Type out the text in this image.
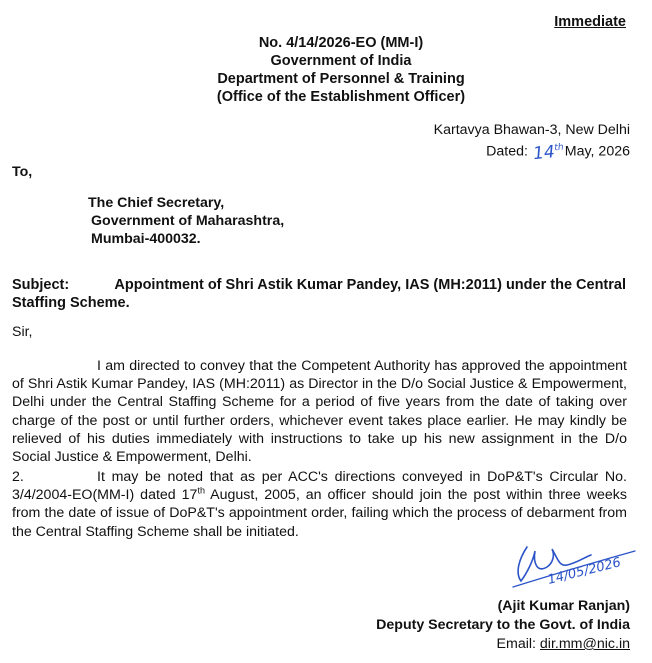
Immediate
No. 4/14/2026-EO (MM-I)
Government of India
Department of Personnel & Training
(Office of the Establishment Officer)
Kartavya Bhawan-3, New Delhi
Dated: 14thMay, 2026
To,
The Chief Secretary,
Government of Maharashtra,
Mumbai-400032.
Subject:	Appointment of Shri Astik Kumar Pandey, IAS (MH:2011) under the Central
Staffing Scheme.
Sir,
I am directed to convey that the Competent Authority has approved the appointment of Shri Astik Kumar Pandey, IAS (MH:2011) as Director in the D/o Social Justice & Empowerment, Delhi under the Central Staffing Scheme for a period of five years from the date of taking over charge of the post or until further orders, whichever event takes place earlier. He may kindly be relieved of his duties immediately with instructions to take up his new assignment in the D/o Social Justice & Empowerment, Delhi.
2.	It may be noted that as per ACC's directions conveyed in DoP&T's Circular No. 3/4/2004-EO(MM-I) dated 17th August, 2005, an officer should join the post within three weeks from the date of issue of DoP&T's appointment order, failing which the process of debarment from the Central Staffing Scheme shall be initiated.
14/05/2026
(Ajit Kumar Ranjan)
Deputy Secretary to the Govt. of India
Email: dir.mm@nic.in
